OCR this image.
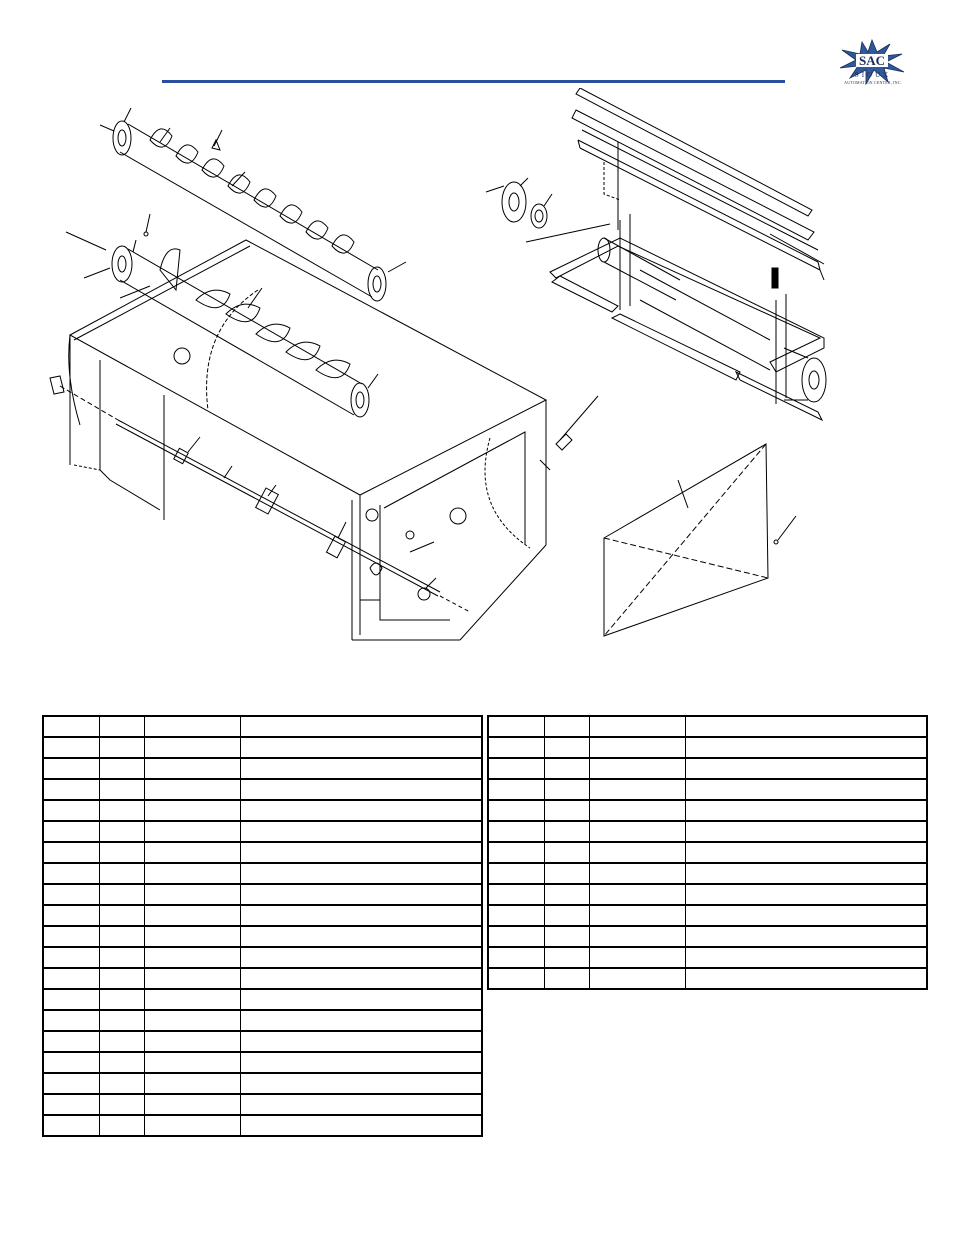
SAC
SIOUX
AUTOMATION CENTER, INC.
